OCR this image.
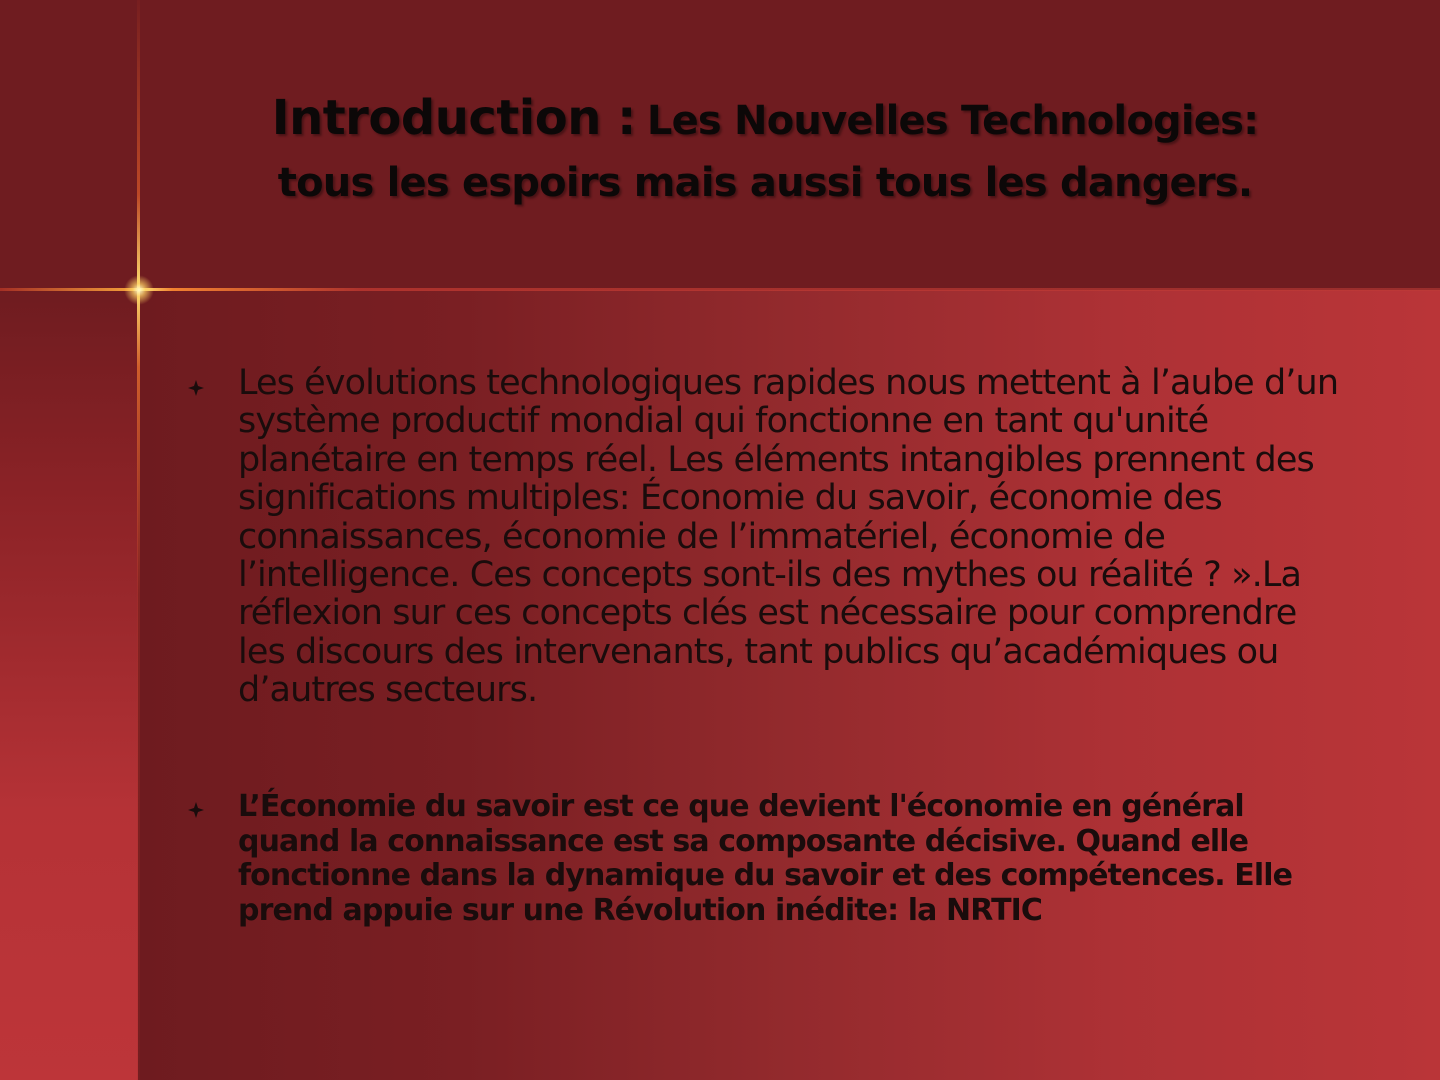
Introduction : Les Nouvelles Technologies:
tous les espoirs mais aussi tous les dangers.

Les évolutions technologiques rapides nous mettent à l’aube d’un système productif mondial qui fonctionne en tant qu'unité planétaire en temps réel. Les éléments intangibles prennent des significations multiples: Économie du savoir, économie des connaissances, économie de l’immatériel, économie de l’intelligence. Ces concepts sont-ils des mythes ou réalité ? ».La réflexion sur ces concepts clés est nécessaire pour comprendre les discours des intervenants, tant publics qu’académiques ou d’autres secteurs.

L’Économie du savoir est ce que devient l'économie en général quand la connaissance est sa composante décisive. Quand elle fonctionne dans la dynamique du savoir et des compétences. Elle prend appuie sur une Révolution inédite: la NRTIC
